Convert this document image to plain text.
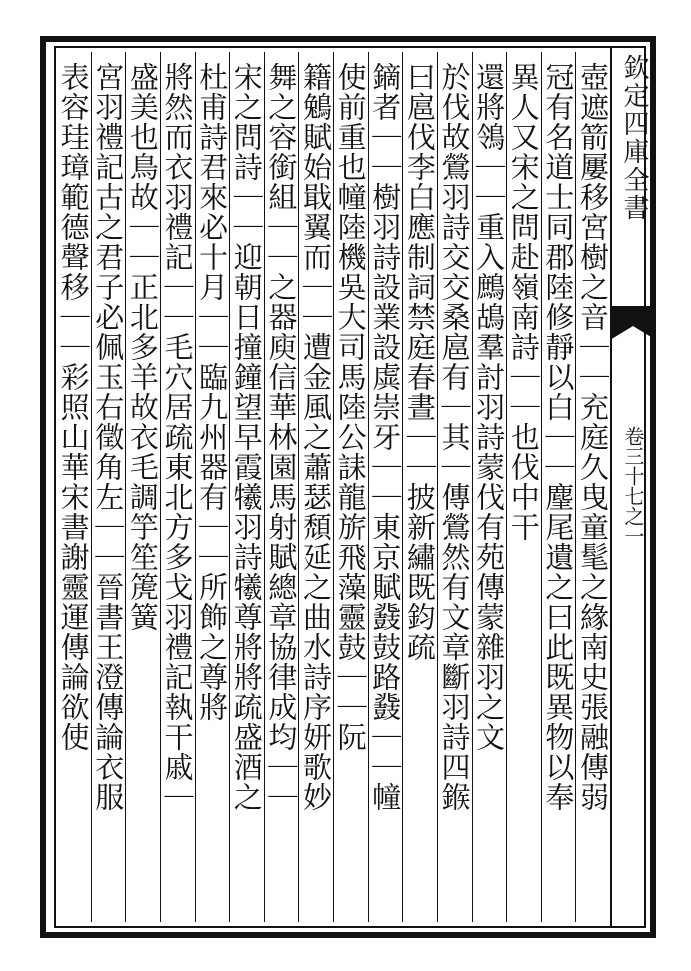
欽定四庫全書
卷三十七之一
壺遮箭屢移宮樹之音｜｜充庭久曳童髦之緣南史張融傳弱
冠有名道士同郡陸修靜以白｜｜麈尾遺之曰此既異物以奉
異人又宋之問赴嶺南詩｜｜也伐中干
還將鴒｜｜重入鷓鴣羣討羽詩蒙伐有苑傳蒙雜羽之文
於伐故鶯羽詩交交桑扈有｜其｜傳鶯然有文章斷羽詩四鍭
曰扈伐李白應制詞禁庭春晝｜｜披新繡既鈞疏
鏑者｜｜樹羽詩設業設虡崇牙｜｜東京賦鼗鼓路鼗｜｜幢
使前重也幢陸機吳大司馬陸公誄龍旂飛藻靈鼓｜｜阮
籍鵵賦始戢翼而｜｜遭金風之蕭瑟頹延之曲水詩序妍歌妙
舞之容銜組｜｜之器庾信華林園馬射賦總章協律成均｜｜
宋之問詩｜｜迎朝日撞鐘望早霞犧羽詩犧尊將將疏盛酒之
杜甫詩君來必十月｜｜臨九州器有｜｜所飾之尊將
將然而衣羽禮記｜｜毛穴居疏東北方多戈羽禮記執干戚｜
盛美也鳥故｜｜正北多羊故衣毛調竽笙箎簧
宮羽禮記古之君子必佩玉右徵角左｜｜晉書王澄傳論衣服
表容珪璋範德聲移｜｜彩照山華宋書謝靈運傳論欲使
